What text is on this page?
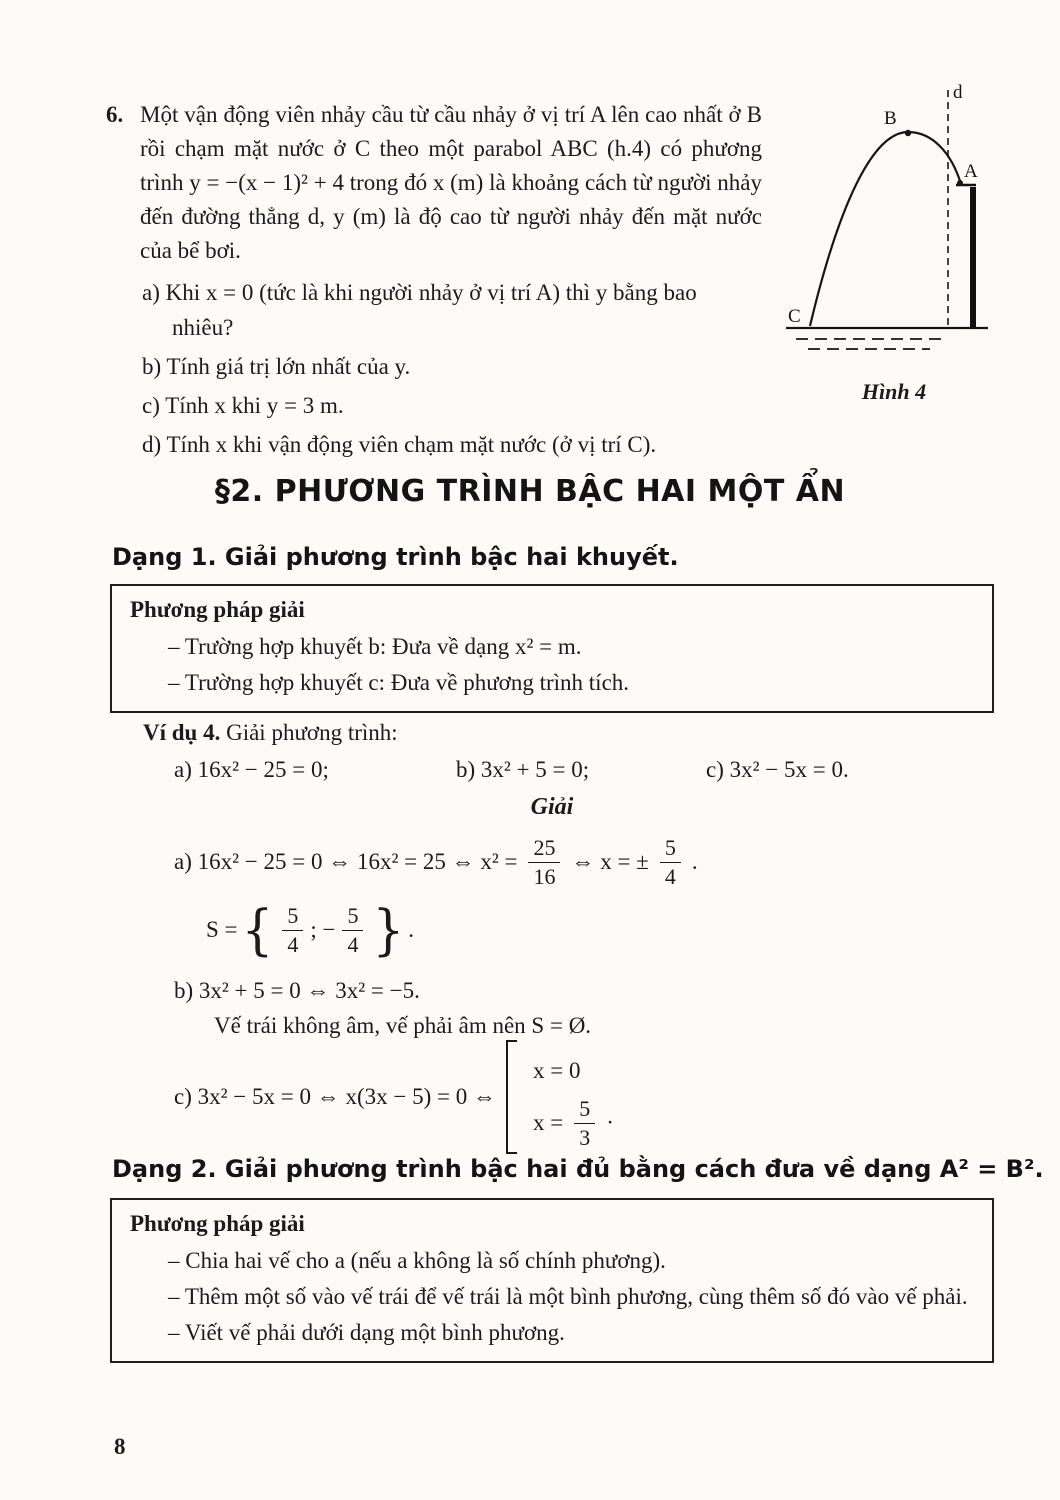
6. Một vận động viên nhảy cầu từ cầu nhảy ở vị trí A lên cao nhất ở B rồi chạm mặt nước ở C theo một parabol ABC (h.4) có phương trình y = −(x − 1)² + 4 trong đó x (m) là khoảng cách từ người nhảy đến đường thẳng d, y (m) là độ cao từ người nhảy đến mặt nước của bể bơi.

a) Khi x = 0 (tức là khi người nhảy ở vị trí A) thì y bằng bao nhiêu?
b) Tính giá trị lớn nhất của y.
c) Tính x khi y = 3 m.
d) Tính x khi vận động viên chạm mặt nước (ở vị trí C).
d
B
A
C
Hình 4
§2. PHƯƠNG TRÌNH BẬC HAI MỘT ẨN
Dạng 1. Giải phương trình bậc hai khuyết.
Phương pháp giải
– Trường hợp khuyết b: Đưa về dạng x² = m.
– Trường hợp khuyết c: Đưa về phương trình tích.

Ví dụ 4. Giải phương trình:

a) 16x² − 25 = 0;	b) 3x² + 5 = 0;	c) 3x² − 5x = 0.

Giải

a) 16x² − 25 = 0 ⇔ 16x² = 25 ⇔ $x^2 = \frac{25}{16}$ ⇔ x = ± $\frac{5}{4}$ .
S = { $\frac{5}{4}$ ; − $\frac{5}{4}$ } .

b) 3x² + 5 = 0 ⇔ 3x² = −5.

Vế trái không âm, vế phải âm nên S = Ø.

c) 3x² − 5x = 0 ⇔ x(3x − 5) = 0 ⇔
x = 0
$x = \frac{5}{3}$ ·
Dạng 2. Giải phương trình bậc hai đủ bằng cách đưa về dạng A² = B².
Phương pháp giải
– Chia hai vế cho a (nếu a không là số chính phương).
– Thêm một số vào vế trái để vế trái là một bình phương, cùng thêm số đó vào vế phải.
– Viết vế phải dưới dạng một bình phương.
8
